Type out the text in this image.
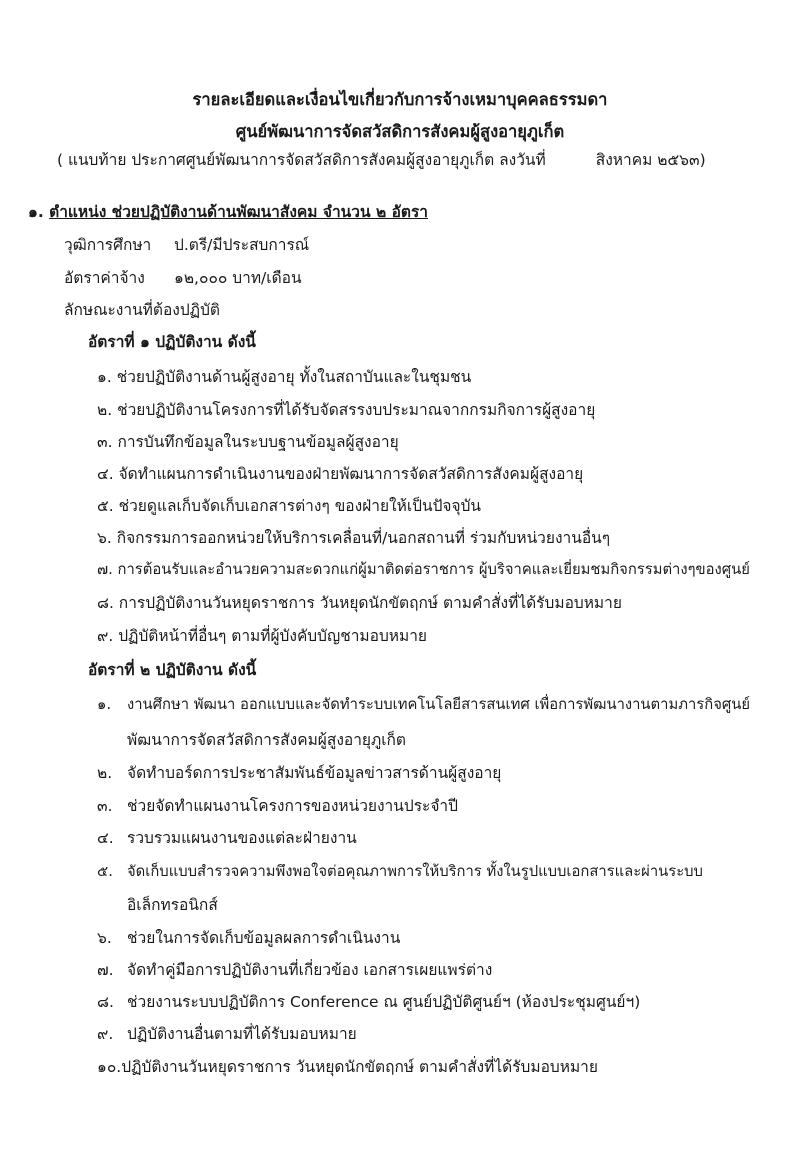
รายละเอียดและเงื่อนไขเกี่ยวกับการจ้างเหมาบุคคลธรรมดา
ศูนย์พัฒนาการจัดสวัสดิการสังคมผู้สูงอายุภูเก็ต
( แนบท้าย ประกาศศูนย์พัฒนาการจัดสวัสดิการสังคมผู้สูงอายุภูเก็ต ลงวันที่	สิงหาคม ๒๕๖๓)
๑. ตำแหน่ง ช่วยปฏิบัติงานด้านพัฒนาสังคม จำนวน ๒ อัตรา
วุฒิการศึกษา ป.ตรี/มีประสบการณ์
อัตราค่าจ้าง ๑๒,๐๐๐ บาท/เดือน
ลักษณะงานที่ต้องปฏิบัติ
อัตราที่ ๑ ปฏิบัติงาน ดังนี้
๑. ช่วยปฏิบัติงานด้านผู้สูงอายุ ทั้งในสถาบันและในชุมชน
๒. ช่วยปฏิบัติงานโครงการที่ได้รับจัดสรรงบประมาณจากกรมกิจการผู้สูงอายุ
๓. การบันทึกข้อมูลในระบบฐานข้อมูลผู้สูงอายุ
๔. จัดทำแผนการดำเนินงานของฝ่ายพัฒนาการจัดสวัสดิการสังคมผู้สูงอายุ
๕. ช่วยดูแลเก็บจัดเก็บเอกสารต่างๆ ของฝ่ายให้เป็นปัจจุบัน
๖. กิจกรรมการออกหน่วยให้บริการเคลื่อนที่/นอกสถานที่ ร่วมกับหน่วยงานอื่นๆ
๗. การต้อนรับและอำนวยความสะดวกแก่ผู้มาติดต่อราชการ ผู้บริจาคและเยี่ยมชมกิจกรรมต่างๆของศูนย์
๘. การปฏิบัติงานวันหยุดราชการ วันหยุดนักขัตฤกษ์ ตามคำสั่งที่ได้รับมอบหมาย
๙. ปฏิบัติหน้าที่อื่นๆ ตามที่ผู้บังคับบัญชามอบหมาย
อัตราที่ ๒ ปฏิบัติงาน ดังนี้
๑. งานศึกษา พัฒนา ออกแบบและจัดทำระบบเทคโนโลยีสารสนเทศ เพื่อการพัฒนางานตามภารกิจศูนย์
พัฒนาการจัดสวัสดิการสังคมผู้สูงอายุภูเก็ต
๒. จัดทำบอร์ดการประชาสัมพันธ์ข้อมูลข่าวสารด้านผู้สูงอายุ
๓. ช่วยจัดทำแผนงานโครงการของหน่วยงานประจำปี
๔. รวบรวมแผนงานของแต่ละฝ่ายงาน
๕. จัดเก็บแบบสำรวจความพึงพอใจต่อคุณภาพการให้บริการ ทั้งในรูปแบบเอกสารและผ่านระบบ
อิเล็กทรอนิกส์
๖. ช่วยในการจัดเก็บข้อมูลผลการดำเนินงาน
๗. จัดทำคู่มือการปฏิบัติงานที่เกี่ยวข้อง เอกสารเผยแพร่ต่าง
๘. ช่วยงานระบบปฏิบัติการ Conference ณ ศูนย์ปฏิบัติศูนย์ฯ (ห้องประชุมศูนย์ฯ)
๙. ปฏิบัติงานอื่นตามที่ได้รับมอบหมาย
๑๐.ปฏิบัติงานวันหยุดราชการ วันหยุดนักขัตฤกษ์ ตามคำสั่งที่ได้รับมอบหมาย
